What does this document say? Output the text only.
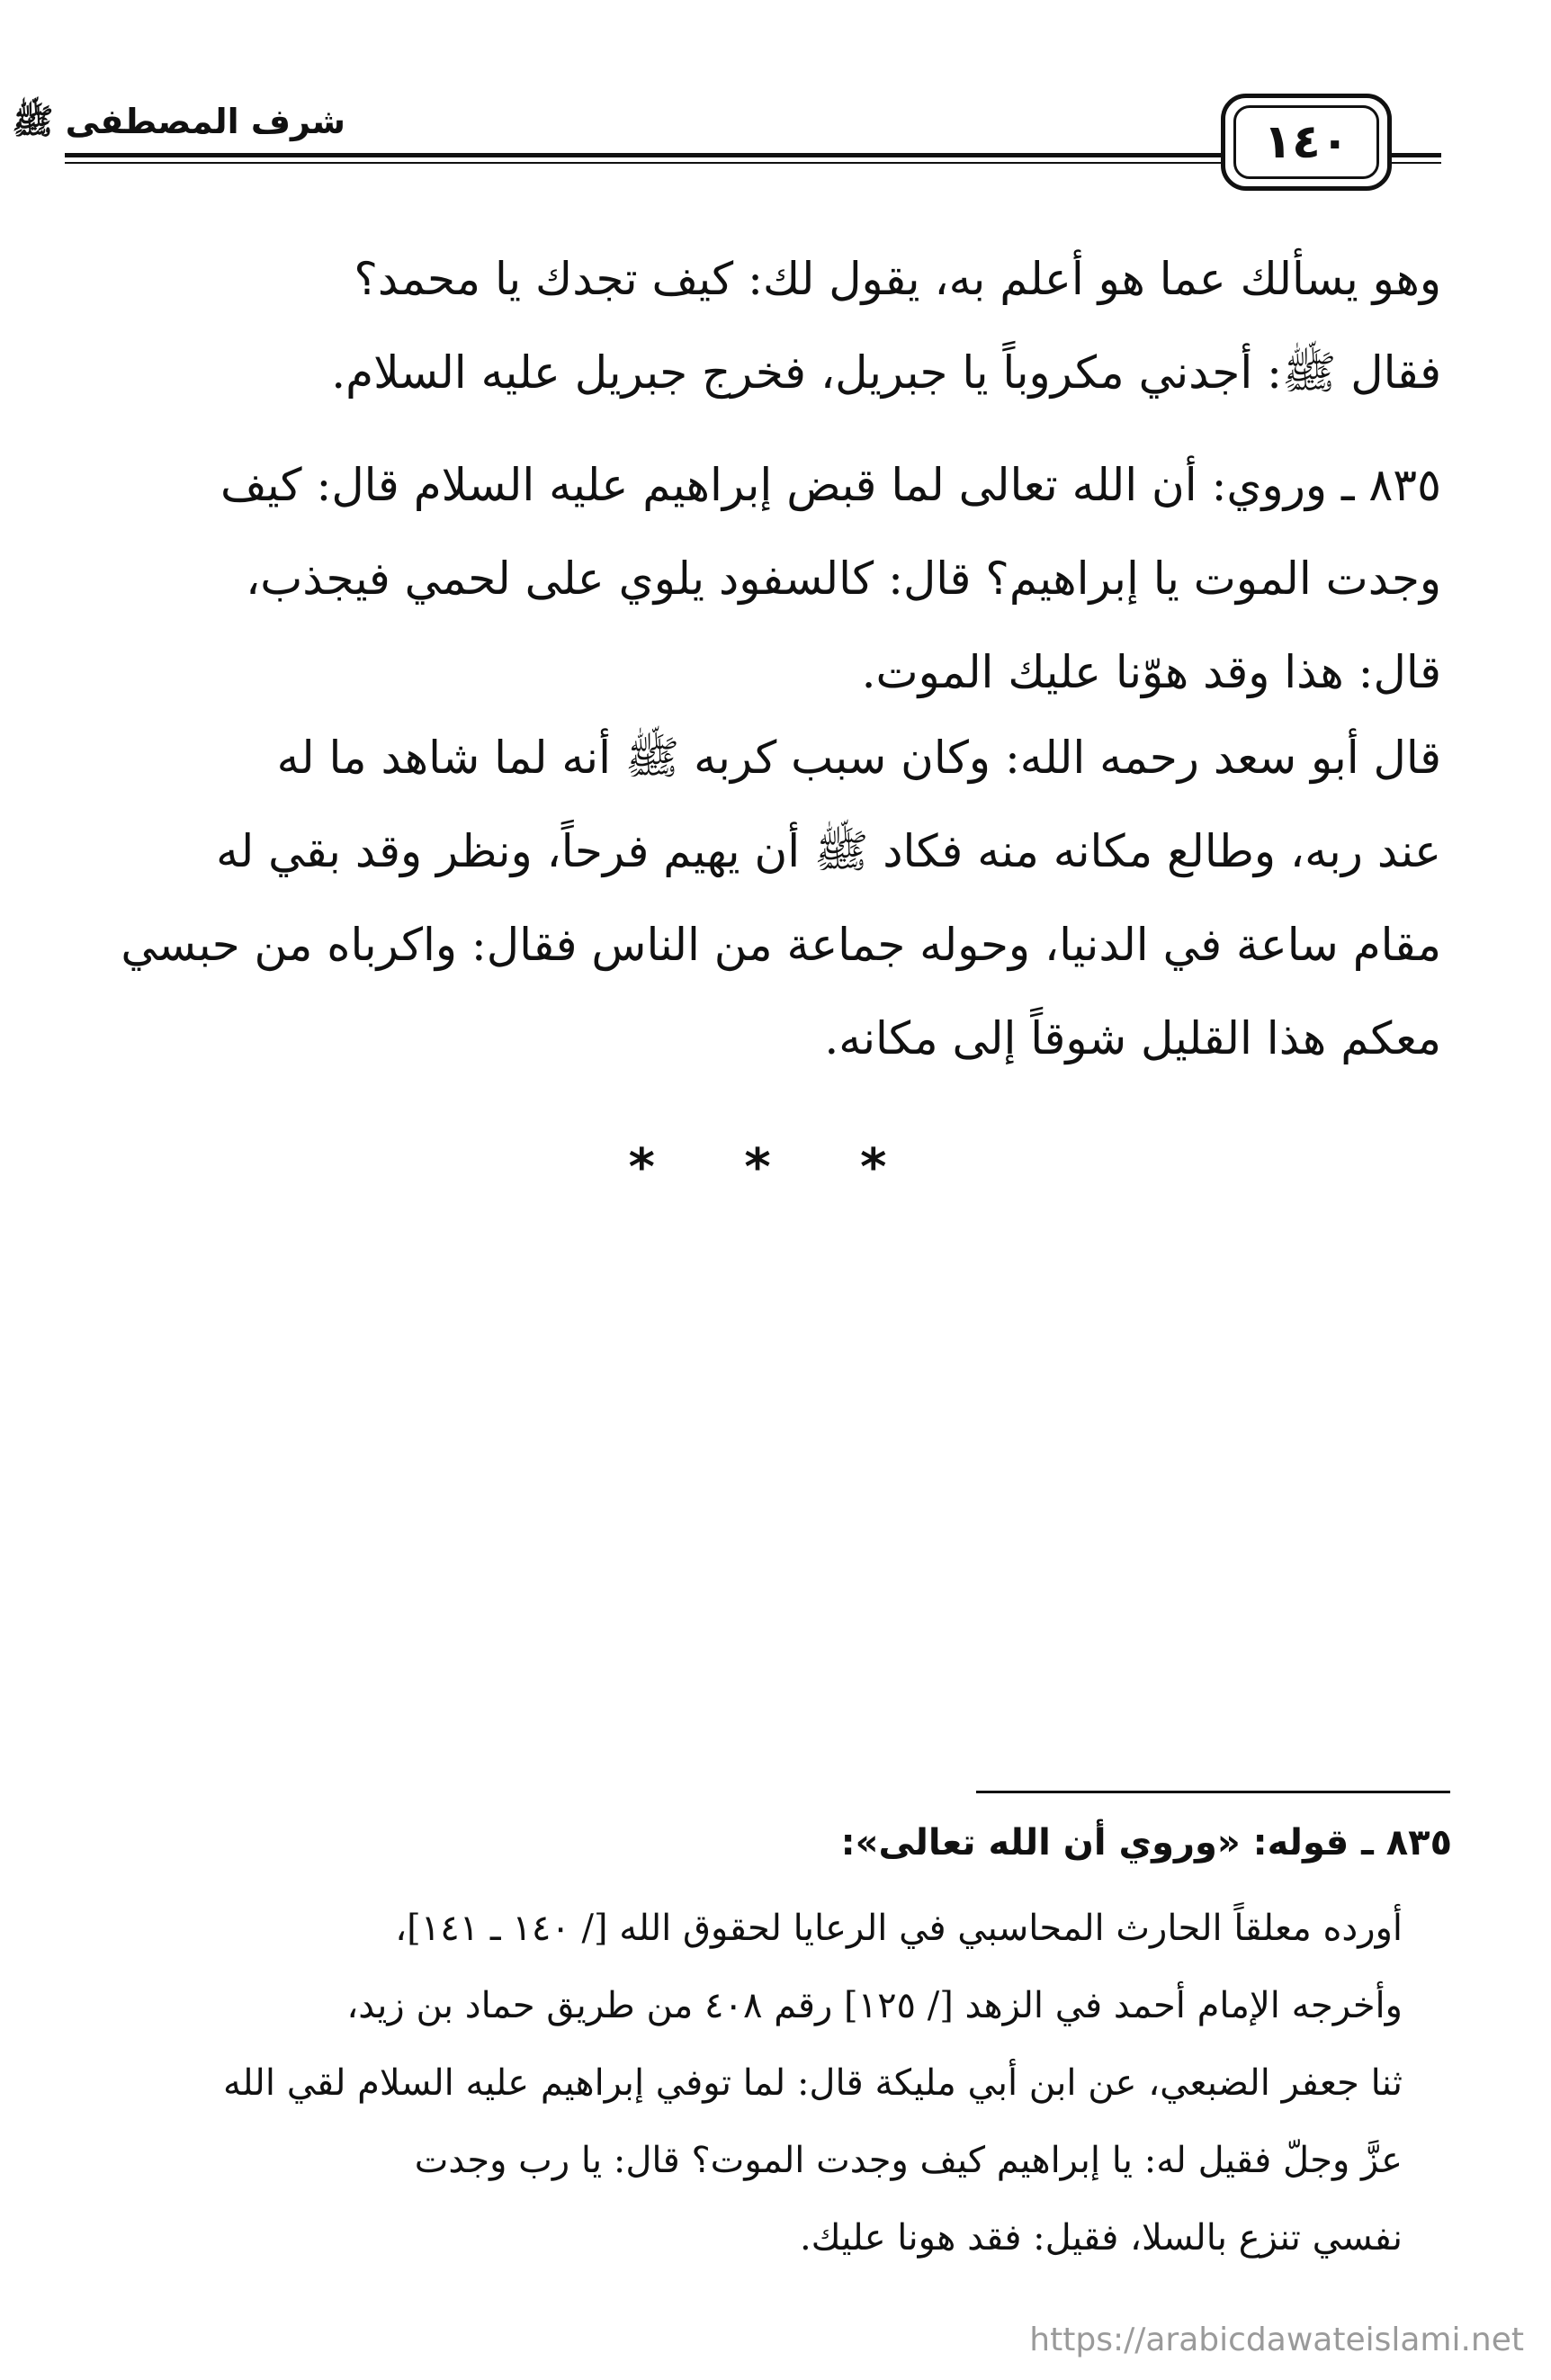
شرف المصطفى ﷺ	١٤٠
وهو يسألك عما هو أعلم به، يقول لك: كيف تجدك يا محمد؟
فقال ﷺ: أجدني مكروباً يا جبريل، فخرج جبريل عليه السلام.
٨٣٥ ـ وروي: أن الله تعالى لما قبض إبراهيم عليه السلام قال: كيف
وجدت الموت يا إبراهيم؟ قال: كالسفود يلوي على لحمي فيجذب،
قال: هذا وقد هوّنا عليك الموت.
قال أبو سعد رحمه الله: وكان سبب كربه ﷺ أنه لما شاهد ما له
عند ربه، وطالع مكانه منه فكاد ﷺ أن يهيم فرحاً، ونظر وقد بقي له
مقام ساعة في الدنيا، وحوله جماعة من الناس فقال: واكرباه من حبسي
معكم هذا القليل شوقاً إلى مكانه.
* * *
٨٣٥ ـ قوله: «وروي أن الله تعالى»:
أورده معلقاً الحارث المحاسبي في الرعايا لحقوق الله [/ ١٤٠ ـ ١٤١]،
وأخرجه الإمام أحمد في الزهد [/ ١٢٥] رقم ٤٠٨ من طريق حماد بن زيد،
ثنا جعفر الضبعي، عن ابن أبي مليكة قال: لما توفي إبراهيم عليه السلام لقي الله
عزَّ وجلّ فقيل له: يا إبراهيم كيف وجدت الموت؟ قال: يا رب وجدت
نفسي تنزع بالسلا، فقيل: فقد هونا عليك.
https://arabicdawateislami.net
